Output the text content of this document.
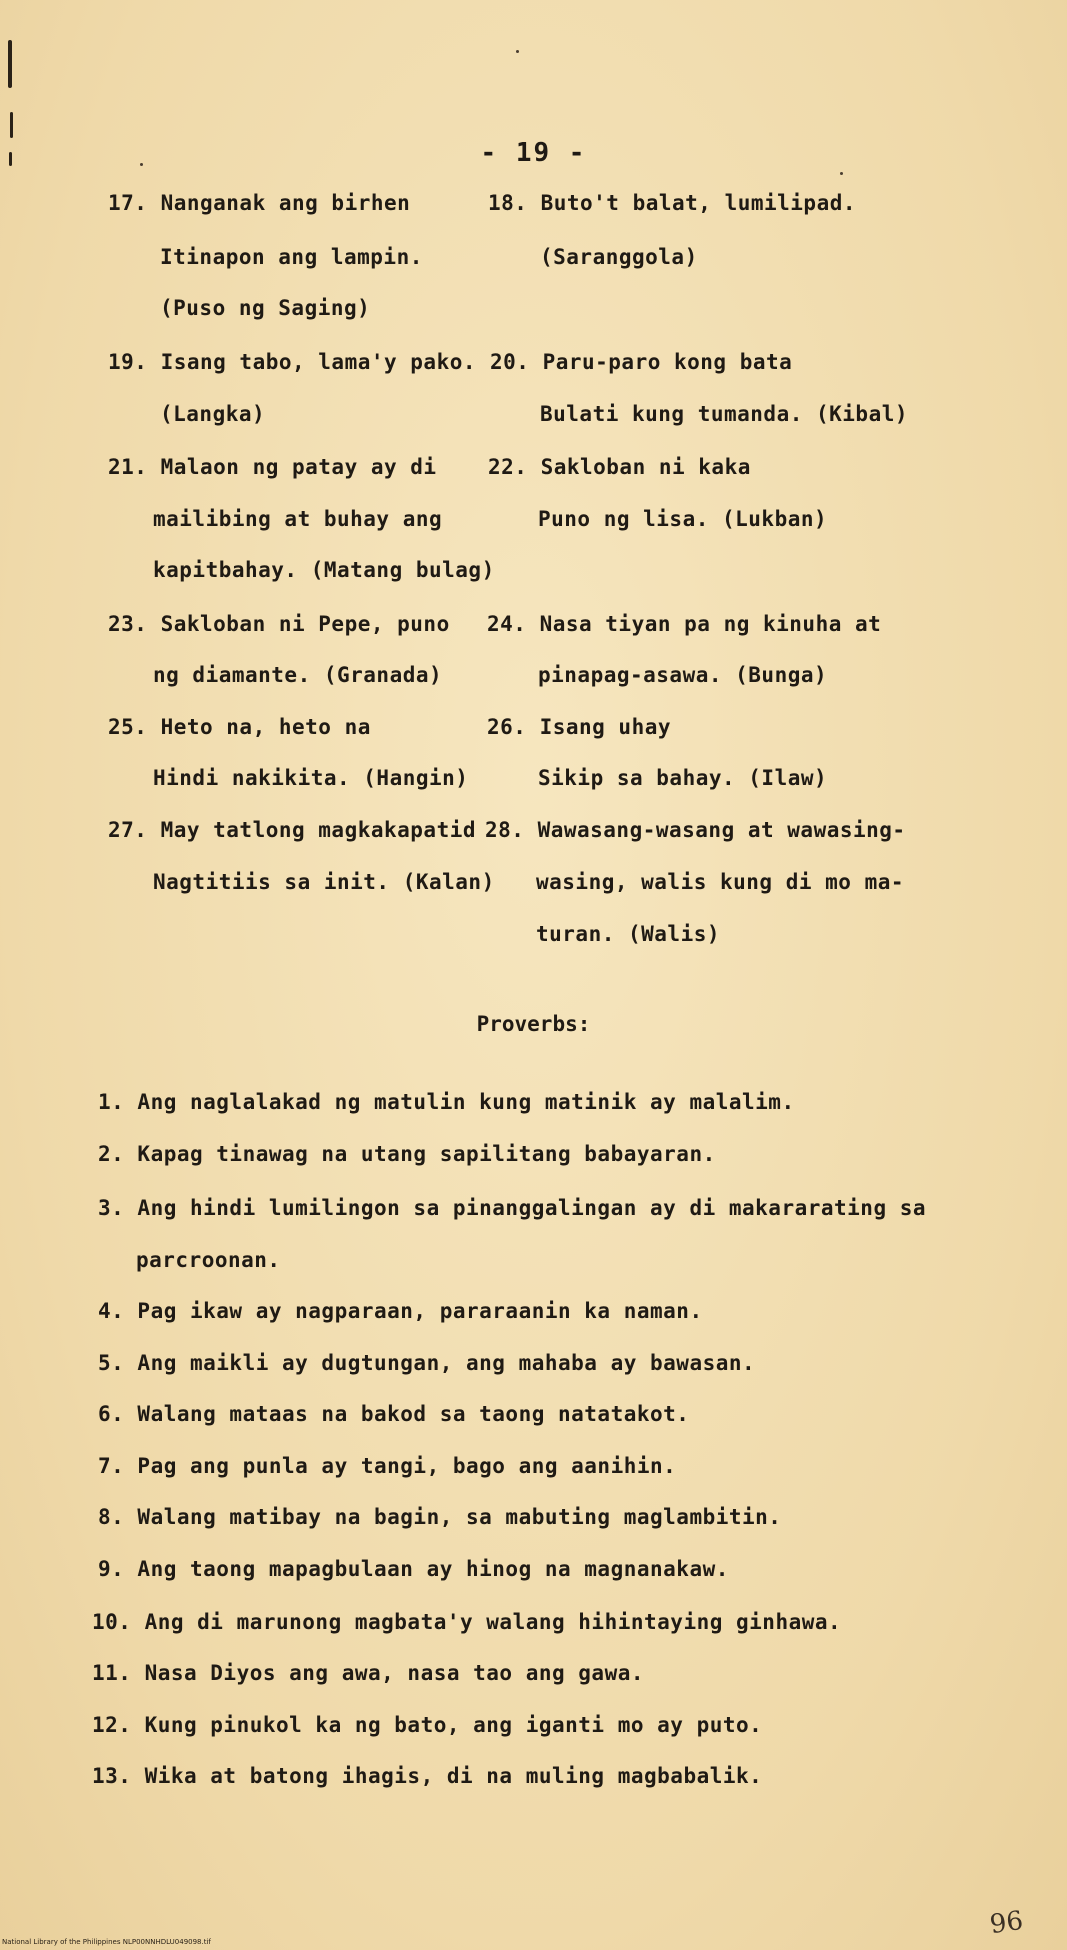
- 19 -
17. Nanganak ang birhen
Itinapon ang lampin.
(Puso ng Saging)
18. Buto't balat, lumilipad.
(Saranggola)
19. Isang tabo, lama'y pako.
(Langka)
20. Paru-paro kong bata
Bulati kung tumanda. (Kibal)
21. Malaon ng patay ay di
mailibing at buhay ang
kapitbahay. (Matang bulag)
22. Sakloban ni kaka
Puno ng lisa. (Lukban)
23. Sakloban ni Pepe, puno
ng diamante. (Granada)
24. Nasa tiyan pa ng kinuha at
pinapag-asawa. (Bunga)
25. Heto na, heto na
Hindi nakikita. (Hangin)
26. Isang uhay
Sikip sa bahay. (Ilaw)
27. May tatlong magkakapatid
Nagtitiis sa init. (Kalan)
28. Wawasang-wasang at wawasing-
wasing, walis kung di mo ma-
turan. (Walis)
Proverbs:
1. Ang naglalakad ng matulin kung matinik ay malalim.
2. Kapag tinawag na utang sapilitang babayaran.
3. Ang hindi lumilingon sa pinanggalingan ay di makararating sa
parcroonan.
4. Pag ikaw ay nagparaan, pararaanin ka naman.
5. Ang maikli ay dugtungan, ang mahaba ay bawasan.
6. Walang mataas na bakod sa taong natatakot.
7. Pag ang punla ay tangi, bago ang aanihin.
8. Walang matibay na bagin, sa mabuting maglambitin.
9. Ang taong mapagbulaan ay hinog na magnanakaw.
10. Ang di marunong magbata'y walang hihintaying ginhawa.
11. Nasa Diyos ang awa, nasa tao ang gawa.
12. Kung pinukol ka ng bato, ang iganti mo ay puto.
13. Wika at batong ihagis, di na muling magbabalik.
96
National Library of the Philippines NLP00NNHDLU049098.tif
